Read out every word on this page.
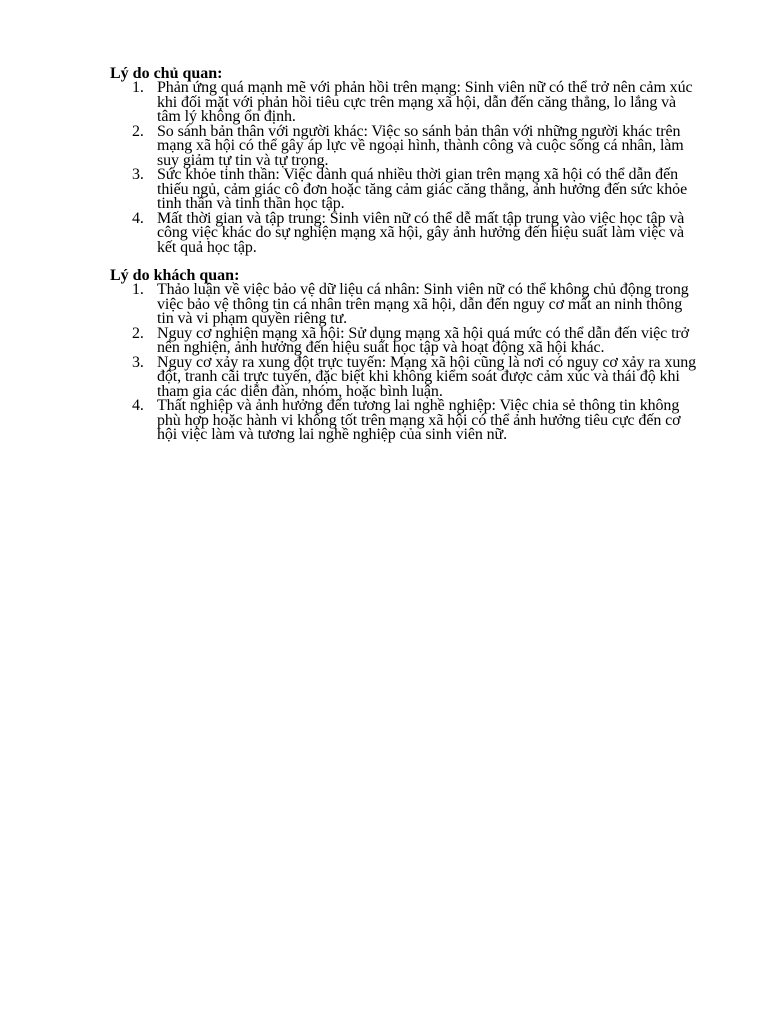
Lý do chủ quan:
1. Phản ứng quá mạnh mẽ với phản hồi trên mạng: Sinh viên nữ có thể trở nên cảm xúc khi đối mặt với phản hồi tiêu cực trên mạng xã hội, dẫn đến căng thẳng, lo lắng và tâm lý không ổn định.
2. So sánh bản thân với người khác: Việc so sánh bản thân với những người khác trên mạng xã hội có thể gây áp lực về ngoại hình, thành công và cuộc sống cá nhân, làm suy giảm tự tin và tự trọng.
3. Sức khỏe tinh thần: Việc dành quá nhiều thời gian trên mạng xã hội có thể dẫn đến thiếu ngủ, cảm giác cô đơn hoặc tăng cảm giác căng thẳng, ảnh hưởng đến sức khỏe tinh thần và tinh thần học tập.
4. Mất thời gian và tập trung: Sinh viên nữ có thể dễ mất tập trung vào việc học tập và công việc khác do sự nghiện mạng xã hội, gây ảnh hưởng đến hiệu suất làm việc và kết quả học tập.
Lý do khách quan:
1. Thảo luận về việc bảo vệ dữ liệu cá nhân: Sinh viên nữ có thể không chủ động trong việc bảo vệ thông tin cá nhân trên mạng xã hội, dẫn đến nguy cơ mất an ninh thông tin và vi phạm quyền riêng tư.
2. Nguy cơ nghiện mạng xã hội: Sử dụng mạng xã hội quá mức có thể dẫn đến việc trở nên nghiện, ảnh hưởng đến hiệu suất học tập và hoạt động xã hội khác.
3. Nguy cơ xảy ra xung đột trực tuyến: Mạng xã hội cũng là nơi có nguy cơ xảy ra xung đột, tranh cãi trực tuyến, đặc biệt khi không kiểm soát được cảm xúc và thái độ khi tham gia các diễn đàn, nhóm, hoặc bình luận.
4. Thất nghiệp và ảnh hưởng đến tương lai nghề nghiệp: Việc chia sẻ thông tin không phù hợp hoặc hành vi không tốt trên mạng xã hội có thể ảnh hưởng tiêu cực đến cơ hội việc làm và tương lai nghề nghiệp của sinh viên nữ.
